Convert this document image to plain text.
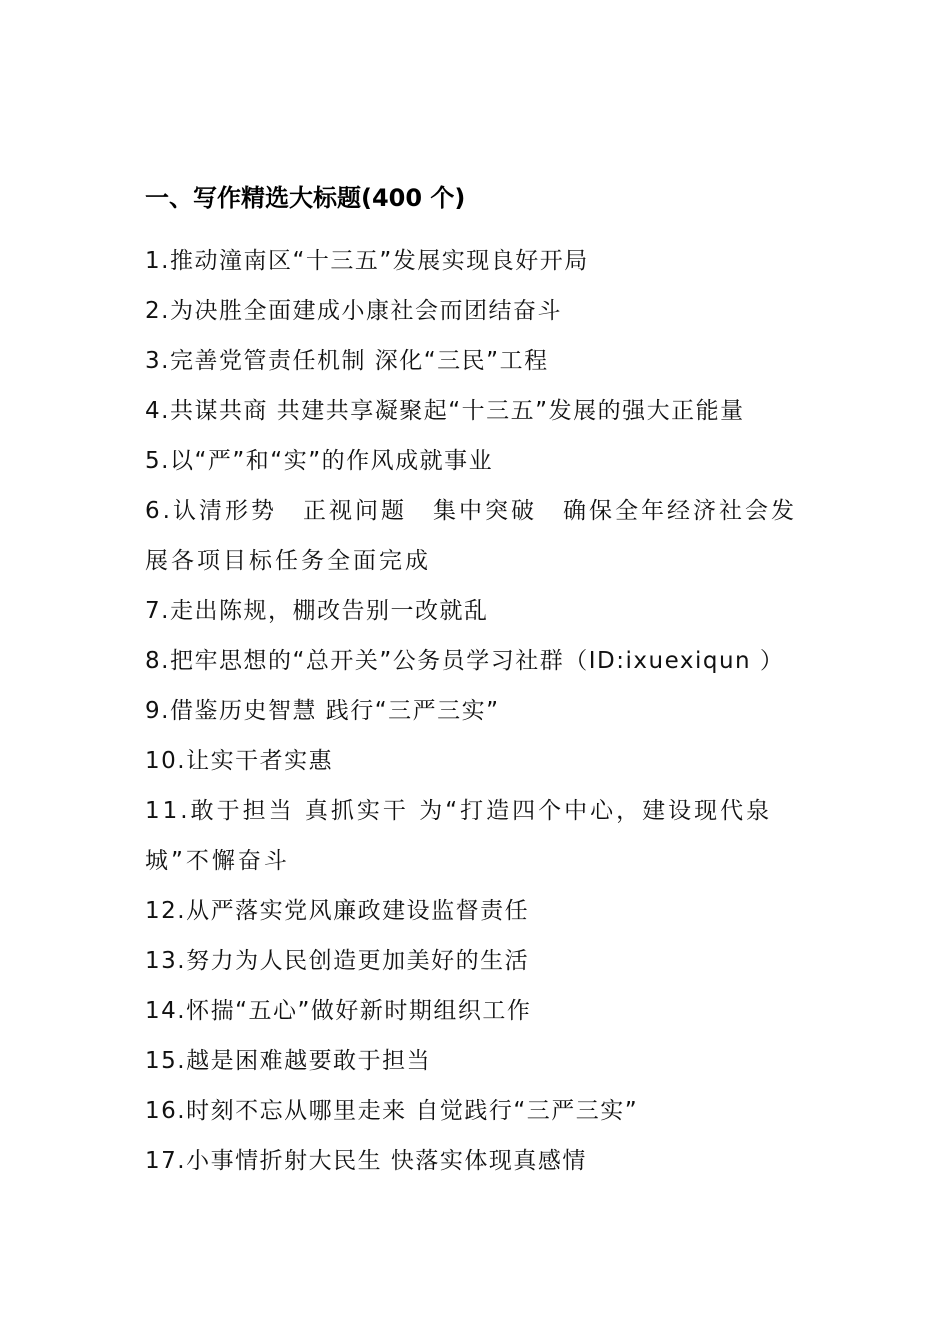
一、写作精选大标题(400 个)
1.推动潼南区“十三五”发展实现良好开局
2.为决胜全面建成小康社会而团结奋斗
3.完善党管责任机制 深化“三民”工程
4.共谋共商 共建共享凝聚起“十三五”发展的强大正能量
5.以“严”和“实”的作风成就事业
6.认清形势　正视问题　集中突破　确保全年经济社会发展各项目标任务全面完成
7.走出陈规，棚改告别一改就乱
8.把牢思想的“总开关”公务员学习社群（ID:ixuexiqun ）
9.借鉴历史智慧 践行“三严三实”
10.让实干者实惠
11.敢于担当 真抓实干 为“打造四个中心，建设现代泉城”不懈奋斗
12.从严落实党风廉政建设监督责任
13.努力为人民创造更加美好的生活
14.怀揣“五心”做好新时期组织工作
15.越是困难越要敢于担当
16.时刻不忘从哪里走来 自觉践行“三严三实”
17.小事情折射大民生 快落实体现真感情
